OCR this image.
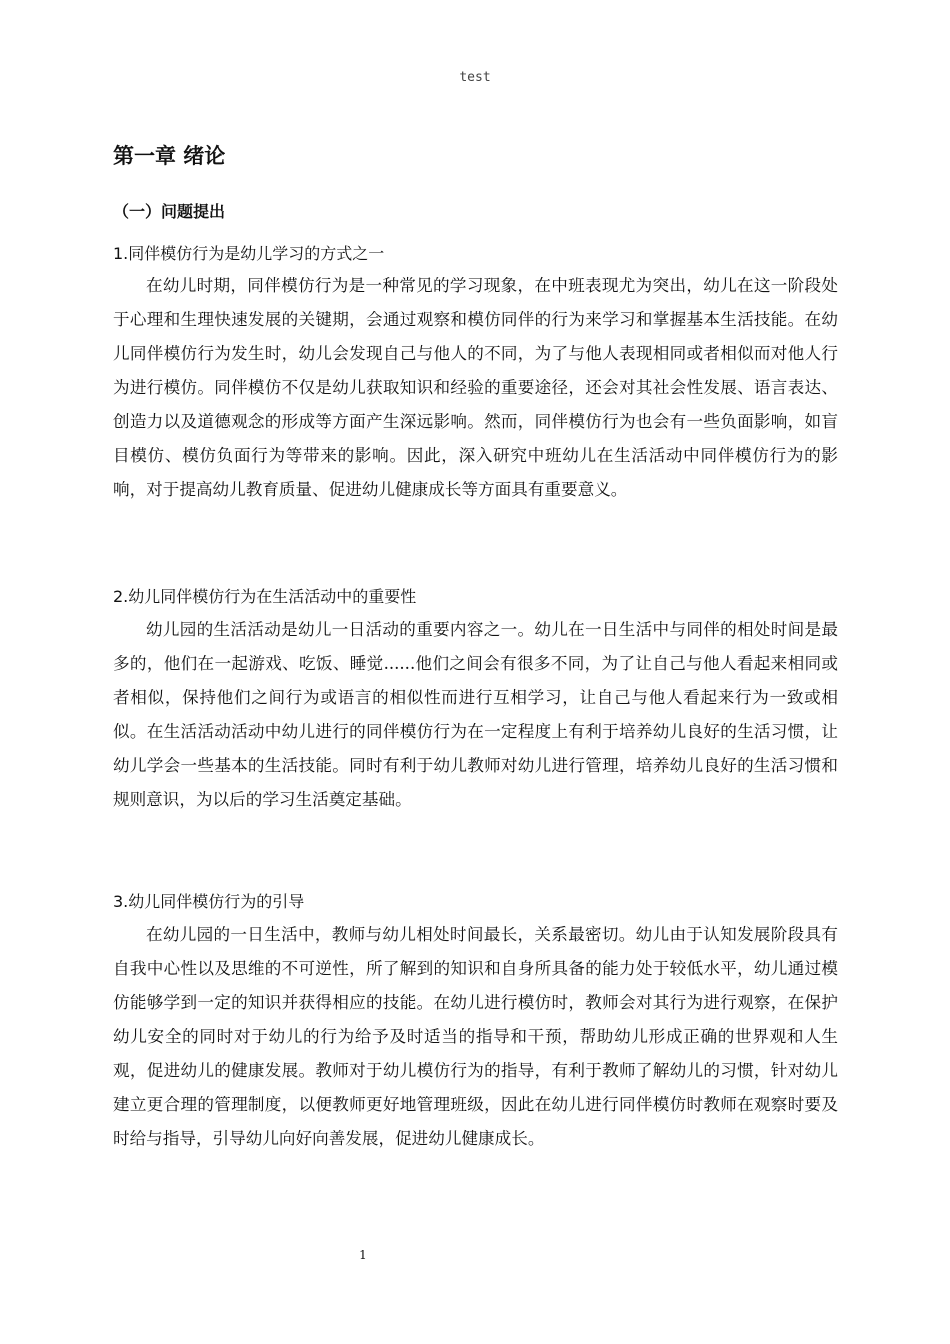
test
第一章 绪论
（一）问题提出
1.同伴模仿行为是幼儿学习的方式之一

在幼儿时期，同伴模仿行为是一种常见的学习现象，在中班表现尤为突出，幼儿在这一阶段处于心理和生理快速发展的关键期，会通过观察和模仿同伴的行为来学习和掌握基本生活技能。在幼儿同伴模仿行为发生时，幼儿会发现自己与他人的不同，为了与他人表现相同或者相似而对他人行为进行模仿。同伴模仿不仅是幼儿获取知识和经验的重要途径，还会对其社会性发展、语言表达、创造力以及道德观念的形成等方面产生深远影响。然而，同伴模仿行为也会有一些负面影响，如盲目模仿、模仿负面行为等带来的影响。因此，深入研究中班幼儿在生活活动中同伴模仿行为的影响，对于提高幼儿教育质量、促进幼儿健康成长等方面具有重要意义。

2.幼儿同伴模仿行为在生活活动中的重要性

幼儿园的生活活动是幼儿一日活动的重要内容之一。幼儿在一日生活中与同伴的相处时间是最多的，他们在一起游戏、吃饭、睡觉......他们之间会有很多不同，为了让自己与他人看起来相同或者相似，保持他们之间行为或语言的相似性而进行互相学习，让自己与他人看起来行为一致或相似。在生活活动活动中幼儿进行的同伴模仿行为在一定程度上有利于培养幼儿良好的生活习惯，让幼儿学会一些基本的生活技能。同时有利于幼儿教师对幼儿进行管理，培养幼儿良好的生活习惯和规则意识，为以后的学习生活奠定基础。

3.幼儿同伴模仿行为的引导

在幼儿园的一日生活中，教师与幼儿相处时间最长，关系最密切。幼儿由于认知发展阶段具有自我中心性以及思维的不可逆性，所了解到的知识和自身所具备的能力处于较低水平，幼儿通过模仿能够学到一定的知识并获得相应的技能。在幼儿进行模仿时，教师会对其行为进行观察，在保护幼儿安全的同时对于幼儿的行为给予及时适当的指导和干预，帮助幼儿形成正确的世界观和人生观，促进幼儿的健康发展。教师对于幼儿模仿行为的指导，有利于教师了解幼儿的习惯，针对幼儿建立更合理的管理制度，以便教师更好地管理班级，因此在幼儿进行同伴模仿时教师在观察时要及时给与指导，引导幼儿向好向善发展，促进幼儿健康成长。

1
